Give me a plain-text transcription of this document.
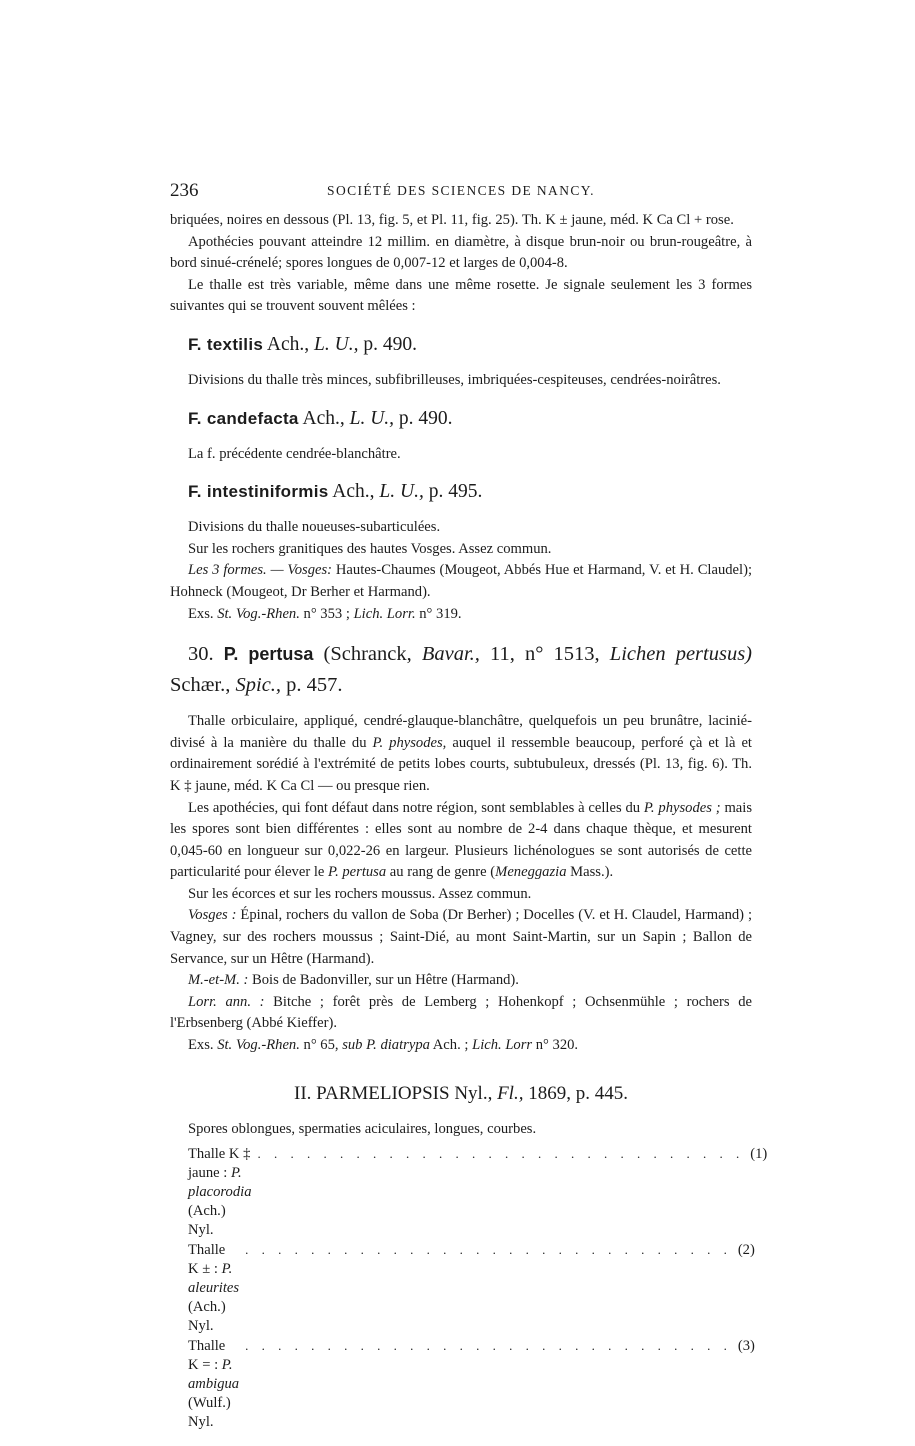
236	SOCIÉTÉ DES SCIENCES DE NANCY.

briquées, noires en dessous (Pl. 13, fig. 5, et Pl. 11, fig. 25). Th. K ± jaune, méd. K Ca Cl + rose.

Apothécies pouvant atteindre 12 millim. en diamètre, à disque brun-noir ou brun-rougeâtre, à bord sinué-crénelé; spores longues de 0,007-12 et larges de 0,004-8.

Le thalle est très variable, même dans une même rosette. Je signale seulement les 3 formes suivantes qui se trouvent souvent mêlées :

F. textilis Ach., L. U., p. 490.

Divisions du thalle très minces, subfibrilleuses, imbriquées-cespiteuses, cendrées-noirâtres.

F. candefacta Ach., L. U., p. 490.

La f. précédente cendrée-blanchâtre.

F. intestiniformis Ach., L. U., p. 495.

Divisions du thalle noueuses-subarticulées.

Sur les rochers granitiques des hautes Vosges. Assez commun.

Les 3 formes. — Vosges: Hautes-Chaumes (Mougeot, Abbés Hue et Harmand, V. et H. Claudel); Hohneck (Mougeot, Dr Berher et Harmand).

Exs. St. Vog.-Rhen. n° 353 ; Lich. Lorr. n° 319.

30. P. pertusa (Schranck, Bavar., 11, n° 1513, Lichen pertusus) Schær., Spic., p. 457.

Thalle orbiculaire, appliqué, cendré-glauque-blanchâtre, quelquefois un peu brunâtre, lacinié-divisé à la manière du thalle du P. physodes, auquel il ressemble beaucoup, perforé çà et là et ordinairement sorédié à l'extrémité de petits lobes courts, subtubuleux, dressés (Pl. 13, fig. 6). Th. K ‡ jaune, méd. K Ca Cl — ou presque rien.

Les apothécies, qui font défaut dans notre région, sont semblables à celles du P. physodes ; mais les spores sont bien différentes : elles sont au nombre de 2-4 dans chaque thèque, et mesurent 0,045-60 en longueur sur 0,022-26 en largeur. Plusieurs lichénologues se sont autorisés de cette particularité pour élever le P. pertusa au rang de genre (Meneggazia Mass.).

Sur les écorces et sur les rochers moussus. Assez commun.

Vosges : Épinal, rochers du vallon de Soba (Dr Berher) ; Docelles (V. et H. Claudel, Harmand) ; Vagney, sur des rochers moussus ; Saint-Dié, au mont Saint-Martin, sur un Sapin ; Ballon de Servance, sur un Hêtre (Harmand).

M.-et-M. : Bois de Badonviller, sur un Hêtre (Harmand).

Lorr. ann. : Bitche ; forêt près de Lemberg ; Hohenkopf ; Ochsenmühle ; rochers de l'Erbsenberg (Abbé Kieffer).

Exs. St. Vog.-Rhen. n° 65, sub P. diatrypa Ach. ; Lich. Lorr n° 320.

II. PARMELIOPSIS Nyl., Fl., 1869, p. 445.

Spores oblongues, spermaties aciculaires, longues, courbes.

Thalle K ‡ jaune : P. placorodia (Ach.) Nyl.
. . . . . . . . . . . . . . . . . . . . . . . . . . . . . . (1)
Thalle K ± : P. aleurites (Ach.) Nyl.
. . . . . . . . . . . . . . . . . . . . . . . . . . . . . . (2)
Thalle K = : P. ambigua (Wulf.) Nyl.
. . . . . . . . . . . . . . . . . . . . . . . . . . . . . . (3)
